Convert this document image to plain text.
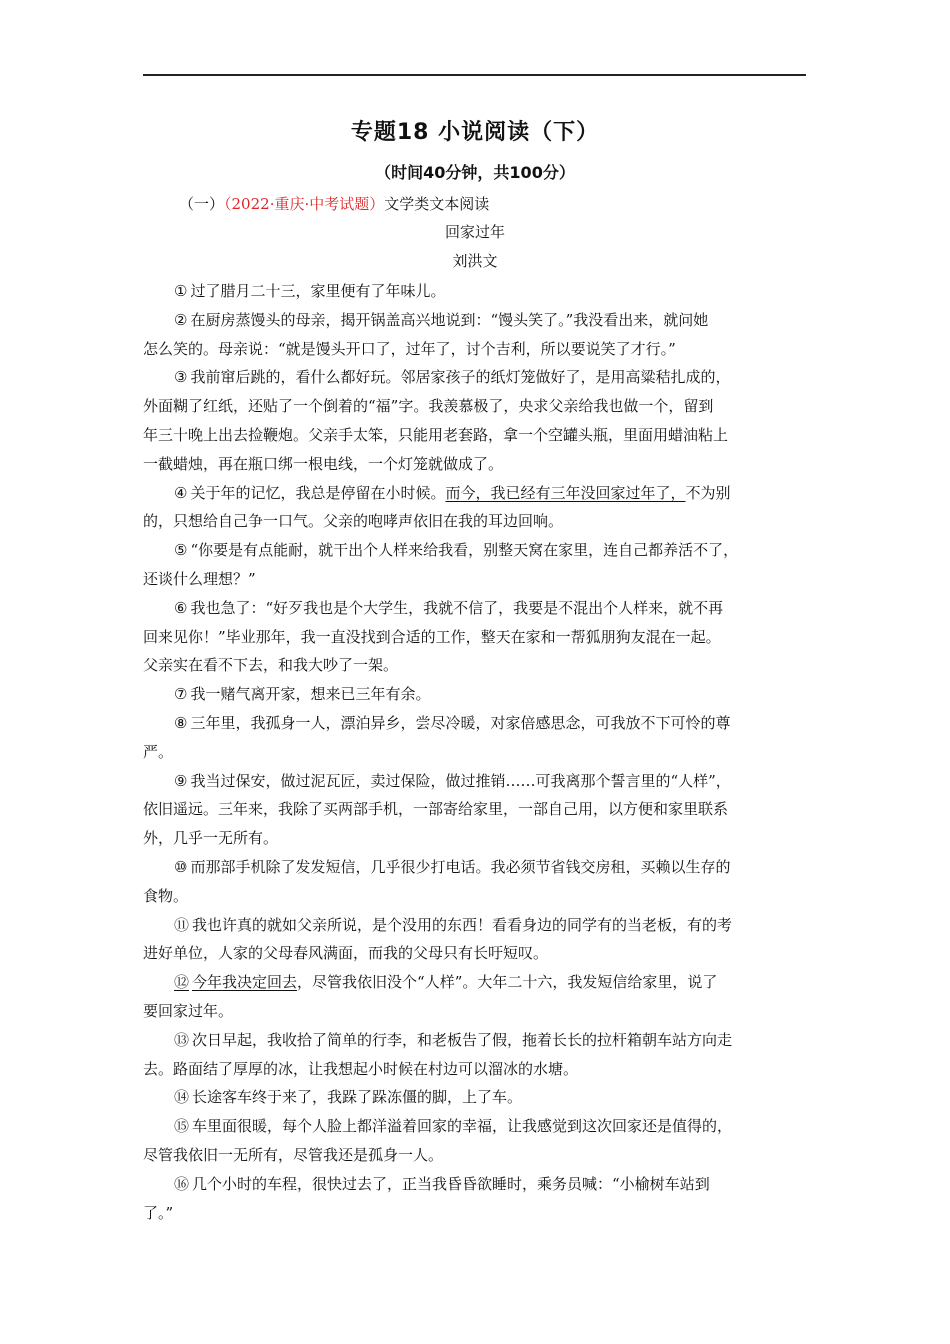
专题18 小说阅读（下）
（时间40分钟，共100分）
（一）（2022·重庆·中考试题）文学类文本阅读
回家过年
刘洪文

① 过了腊月二十三，家里便有了年味儿。

② 在厨房蒸馒头的母亲，揭开锅盖高兴地说到：“馒头笑了。”我没看出来，就问她
怎么笑的。母亲说：“就是馒头开口了，过年了，讨个吉利，所以要说笑了才行。”

③ 我前窜后跳的，看什么都好玩。邻居家孩子的纸灯笼做好了，是用高粱秸扎成的，
外面糊了红纸，还贴了一个倒着的“福”字。我羡慕极了，央求父亲给我也做一个，留到
年三十晚上出去捡鞭炮。父亲手太笨，只能用老套路，拿一个空罐头瓶，里面用蜡油粘上
一截蜡烛，再在瓶口绑一根电线，一个灯笼就做成了。

④ 关于年的记忆，我总是停留在小时候。而今，我已经有三年没回家过年了，不为别
的，只想给自己争一口气。父亲的咆哮声依旧在我的耳边回响。

⑤ “你要是有点能耐，就干出个人样来给我看，别整天窝在家里，连自己都养活不了，
还谈什么理想？”

⑥ 我也急了：“好歹我也是个大学生，我就不信了，我要是不混出个人样来，就不再
回来见你！”毕业那年，我一直没找到合适的工作，整天在家和一帮狐朋狗友混在一起。
父亲实在看不下去，和我大吵了一架。

⑦ 我一赌气离开家，想来已三年有余。

⑧ 三年里，我孤身一人，漂泊异乡，尝尽冷暖，对家倍感思念，可我放不下可怜的尊
严。

⑨ 我当过保安，做过泥瓦匠，卖过保险，做过推销……可我离那个誓言里的“人样”，
依旧遥远。三年来，我除了买两部手机，一部寄给家里，一部自己用，以方便和家里联系
外，几乎一无所有。

⑩ 而那部手机除了发发短信，几乎很少打电话。我必须节省钱交房租，买赖以生存的
食物。

⑪ 我也许真的就如父亲所说，是个没用的东西！看看身边的同学有的当老板，有的考
进好单位，人家的父母春风满面，而我的父母只有长吁短叹。

⑫ 今年我决定回去，尽管我依旧没个“人样”。大年二十六，我发短信给家里，说了
要回家过年。

⑬ 次日早起，我收拾了简单的行李，和老板告了假，拖着长长的拉杆箱朝车站方向走
去。路面结了厚厚的冰，让我想起小时候在村边可以溜冰的水塘。

⑭ 长途客车终于来了，我跺了跺冻僵的脚，上了车。

⑮ 车里面很暖，每个人脸上都洋溢着回家的幸福，让我感觉到这次回家还是值得的，
尽管我依旧一无所有，尽管我还是孤身一人。

⑯ 几个小时的车程，很快过去了，正当我昏昏欲睡时，乘务员喊：“小榆树车站到
了。”
